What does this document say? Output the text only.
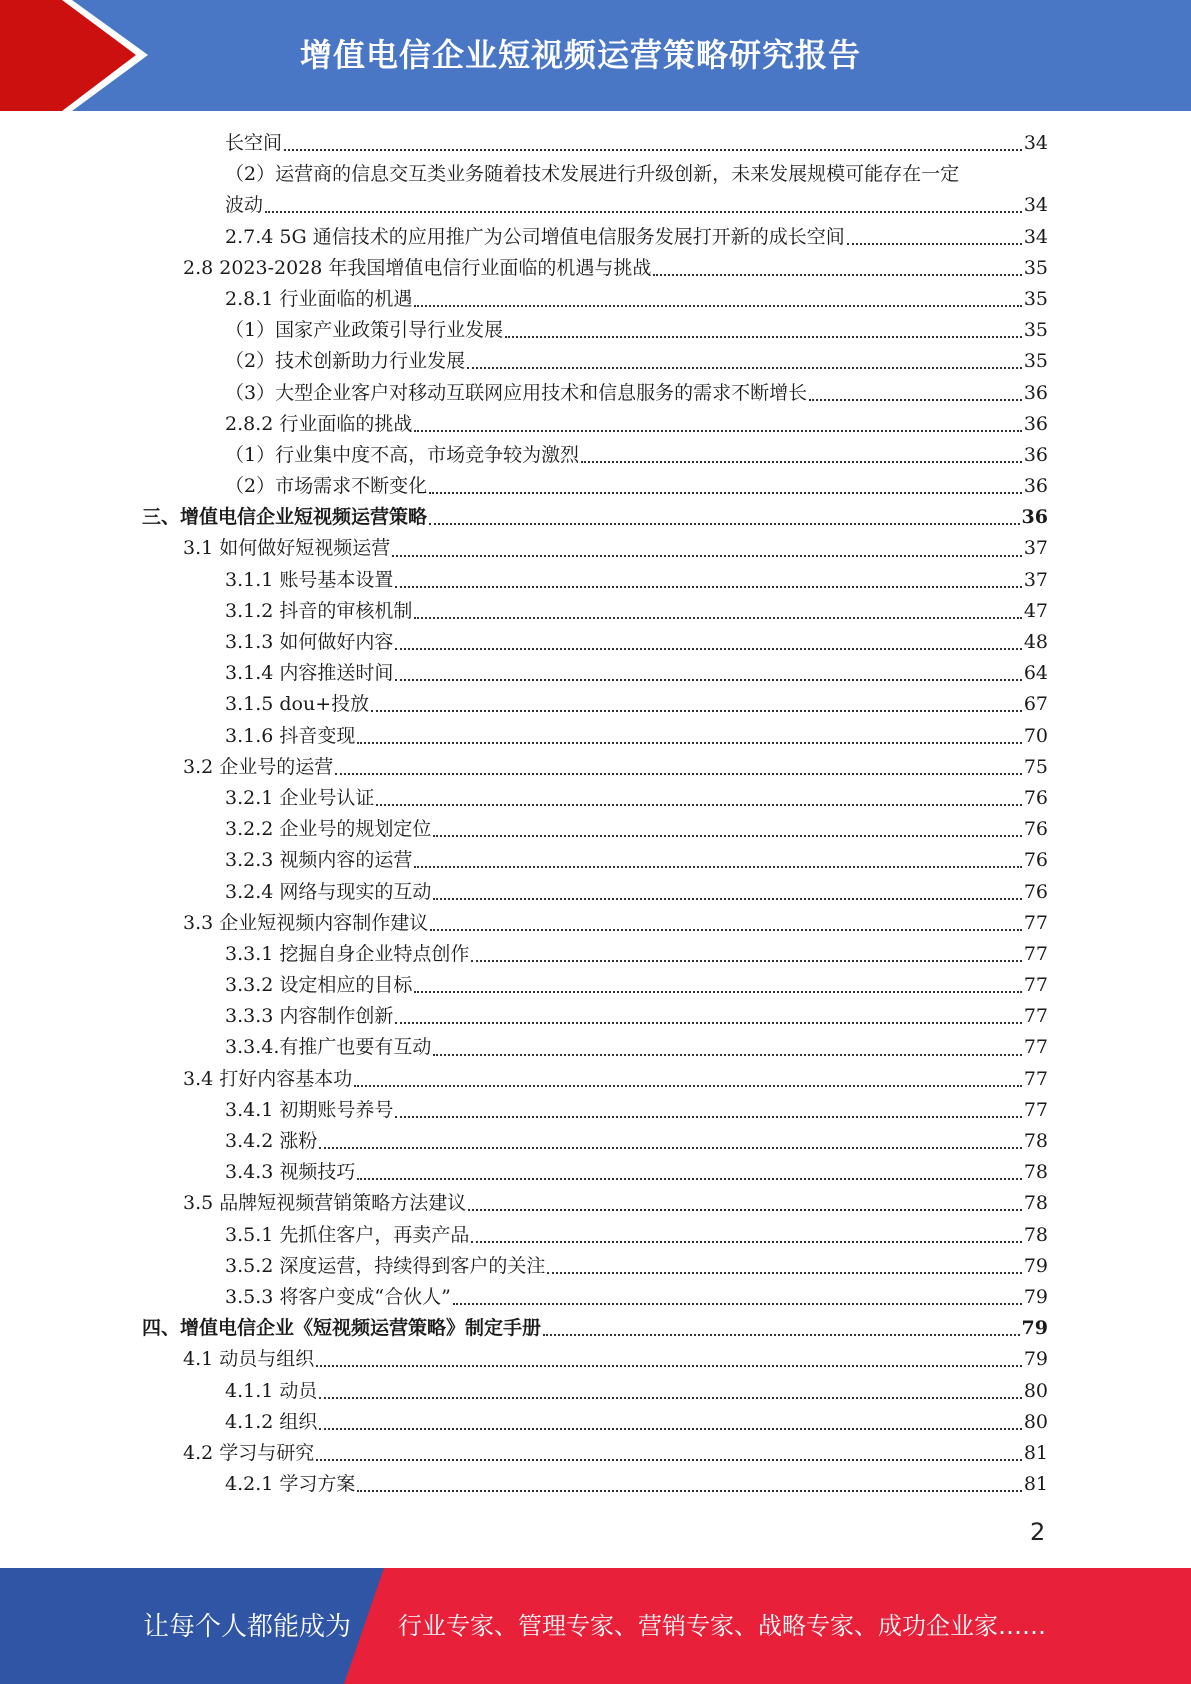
增值电信企业短视频运营策略研究报告
长空间	34
（2）运营商的信息交互类业务随着技术发展进行升级创新，未来发展规模可能存在一定
波动	34
2.7.4 5G 通信技术的应用推广为公司增值电信服务发展打开新的成长空间	34
2.8 2023-2028 年我国增值电信行业面临的机遇与挑战	35
2.8.1 行业面临的机遇	35
（1）国家产业政策引导行业发展	35
（2）技术创新助力行业发展	35
（3）大型企业客户对移动互联网应用技术和信息服务的需求不断增长	36
2.8.2 行业面临的挑战	36
（1）行业集中度不高，市场竞争较为激烈	36
（2）市场需求不断变化	36
三、增值电信企业短视频运营策略	36
3.1 如何做好短视频运营	37
3.1.1 账号基本设置	37
3.1.2 抖音的审核机制	47
3.1.3 如何做好内容	48
3.1.4 内容推送时间	64
3.1.5 dou+投放	67
3.1.6 抖音变现	70
3.2 企业号的运营	75
3.2.1 企业号认证	76
3.2.2 企业号的规划定位	76
3.2.3 视频内容的运营	76
3.2.4 网络与现实的互动	76
3.3 企业短视频内容制作建议	77
3.3.1 挖掘自身企业特点创作	77
3.3.2 设定相应的目标	77
3.3.3 内容制作创新	77
3.3.4.有推广也要有互动	77
3.4 打好内容基本功	77
3.4.1 初期账号养号	77
3.4.2 涨粉	78
3.4.3 视频技巧	78
3.5 品牌短视频营销策略方法建议	78
3.5.1 先抓住客户，再卖产品	78
3.5.2 深度运营，持续得到客户的关注	79
3.5.3 将客户变成“合伙人”	79
四、增值电信企业《短视频运营策略》制定手册	79
4.1 动员与组织	79
4.1.1 动员	80
4.1.2 组织	80
4.2 学习与研究	81
4.2.1 学习方案	81
2
让每个人都能成为 行业专家、管理专家、营销专家、战略专家、成功企业家……
